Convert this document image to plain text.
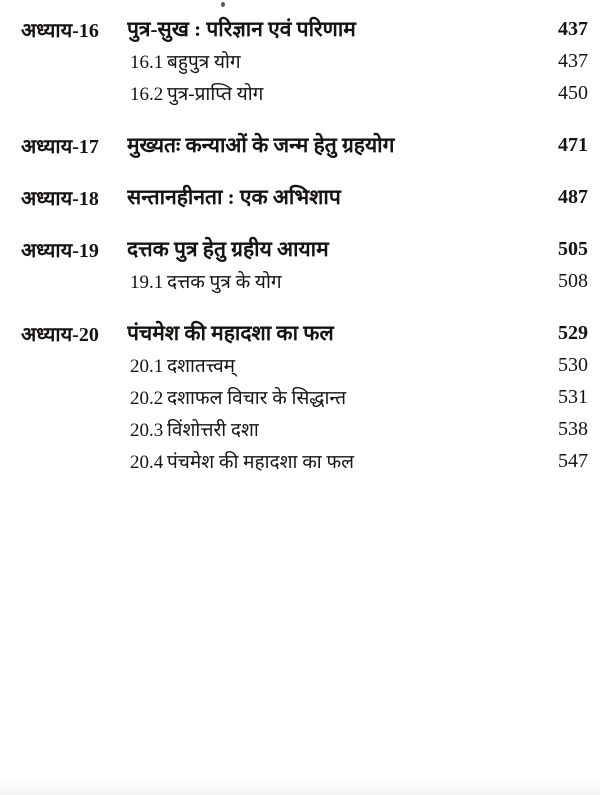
अध्याय-16	पुत्र-सुख : परिज्ञान एवं परिणाम	437
16.1 बहुपुत्र योग	437
16.2 पुत्र-प्राप्ति योग	450
अध्याय-17	मुख्यतः कन्याओं के जन्म हेतु ग्रहयोग	471
अध्याय-18	सन्तानहीनता : एक अभिशाप	487
अध्याय-19	दत्तक पुत्र हेतु ग्रहीय आयाम	505
19.1 दत्तक पुत्र के योग	508
अध्याय-20	पंचमेश की महादशा का फल	529
20.1 दशातत्त्वम्	530
20.2 दशाफल विचार के सिद्धान्त	531
20.3 विंशोत्तरी दशा	538
20.4 पंचमेश की महादशा का फल	547
